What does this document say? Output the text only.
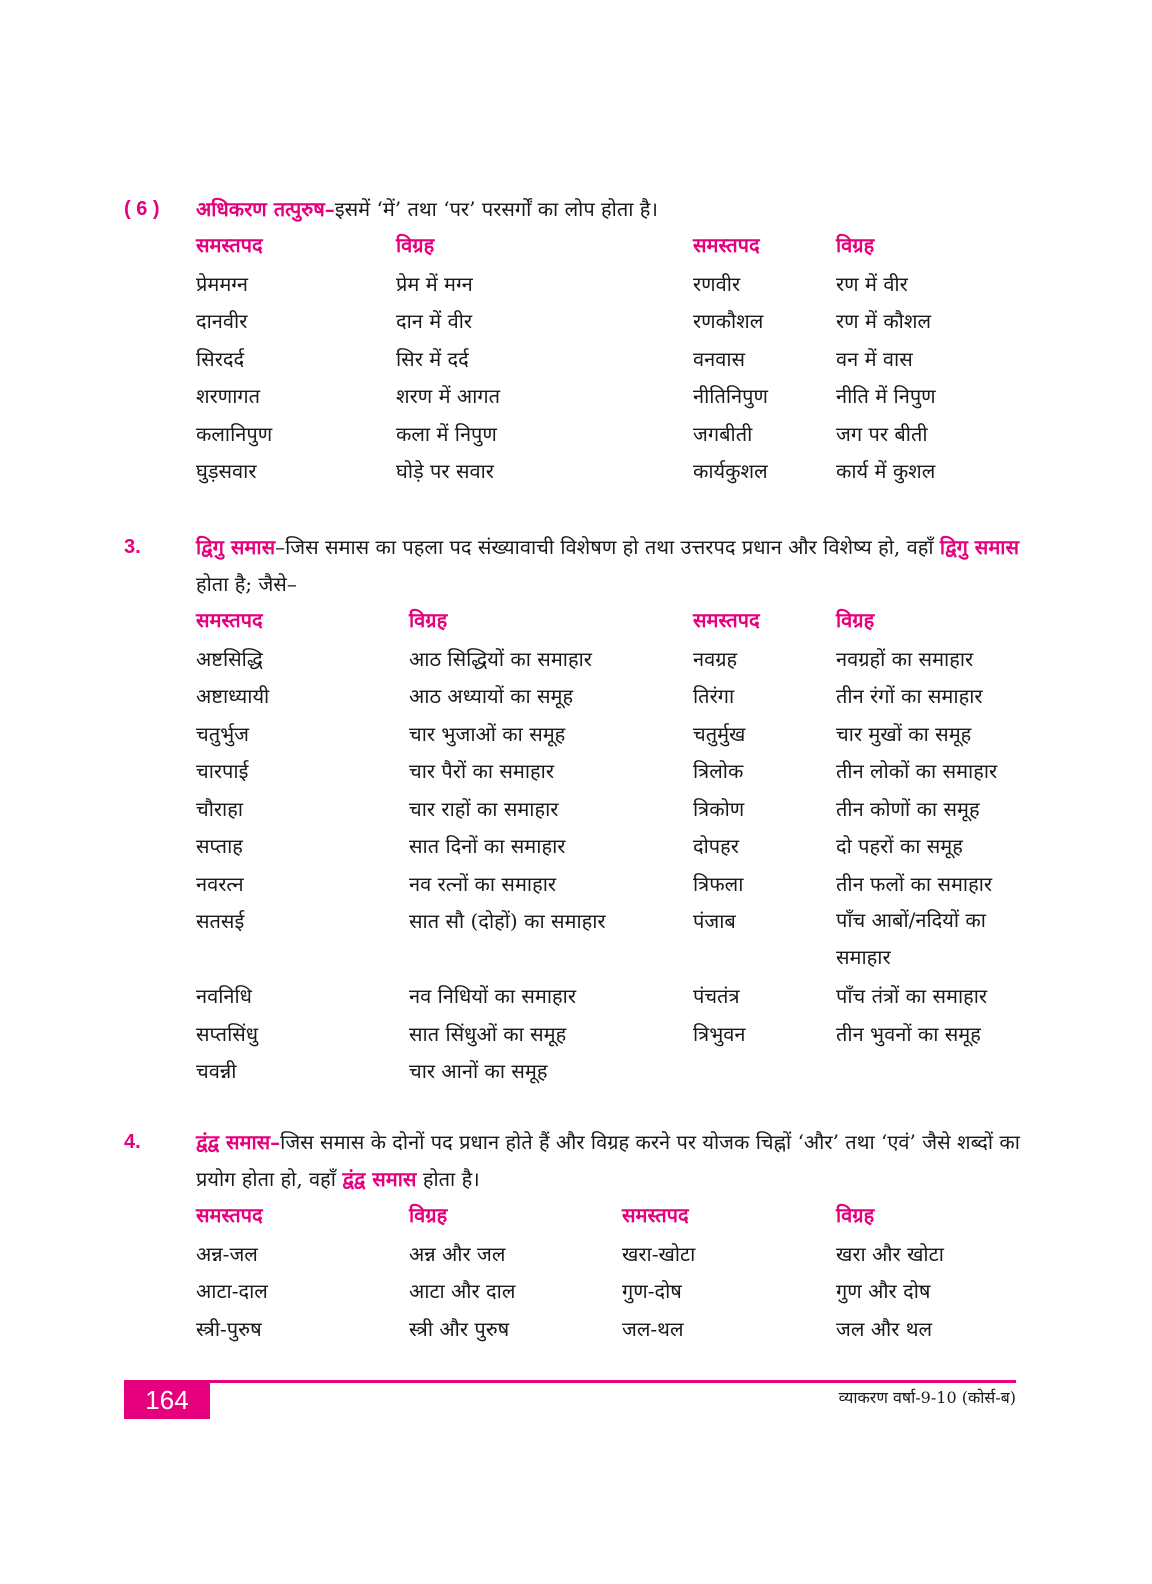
( 6 ) अधिकरण तत्पुरुष–इसमें ‘में’ तथा ‘पर’ परसर्गों का लोप होता है।
समस्तपद	विग्रह	समस्तपद	विग्रह
प्रेममग्न	प्रेम में मग्न	रणवीर	रण में वीर
दानवीर	दान में वीर	रणकौशल	रण में कौशल
सिरदर्द	सिर में दर्द	वनवास	वन में वास
शरणागत	शरण में आगत	नीतिनिपुण	नीति में निपुण
कलानिपुण	कला में निपुण	जगबीती	जग पर बीती
घुड़सवार	घोड़े पर सवार	कार्यकुशल	कार्य में कुशल
3.	द्विगु समास–जिस समास का पहला पद संख्यावाची विशेषण हो तथा उत्तरपद प्रधान और विशेष्य हो, वहाँ द्विगु समास होता है; जैसे–
समस्तपद	विग्रह	समस्तपद	विग्रह
अष्टसिद्धि	आठ सिद्धियों का समाहार	नवग्रह	नवग्रहों का समाहार
अष्टाध्यायी	आठ अध्यायों का समूह	तिरंगा	तीन रंगों का समाहार
चतुर्भुज	चार भुजाओं का समूह	चतुर्मुख	चार मुखों का समूह
चारपाई	चार पैरों का समाहार	त्रिलोक	तीन लोकों का समाहार
चौराहा	चार राहों का समाहार	त्रिकोण	तीन कोणों का समूह
सप्ताह	सात दिनों का समाहार	दोपहर	दो पहरों का समूह
नवरत्न	नव रत्नों का समाहार	त्रिफला	तीन फलों का समाहार
सतसई	सात सौ (दोहों) का समाहार	पंजाब	पाँच आबों/नदियों का समाहार
नवनिधि	नव निधियों का समाहार	पंचतंत्र	पाँच तंत्रों का समाहार
सप्तसिंधु	सात सिंधुओं का समूह	त्रिभुवन	तीन भुवनों का समूह
चवन्नी	चार आनों का समूह
4.	द्वंद्व समास–जिस समास के दोनों पद प्रधान होते हैं और विग्रह करने पर योजक चिह्नों ‘और’ तथा ‘एवं’ जैसे शब्दों का प्रयोग होता हो, वहाँ द्वंद्व समास होता है।
समस्तपद	विग्रह	समस्तपद	विग्रह
अन्न-जल	अन्न और जल	खरा-खोटा	खरा और खोटा
आटा-दाल	आटा और दाल	गुण-दोष	गुण और दोष
स्त्री-पुरुष	स्त्री और पुरुष	जल-थल	जल और थल
164	व्याकरण वर्षा-9-10 (कोर्स-ब)
